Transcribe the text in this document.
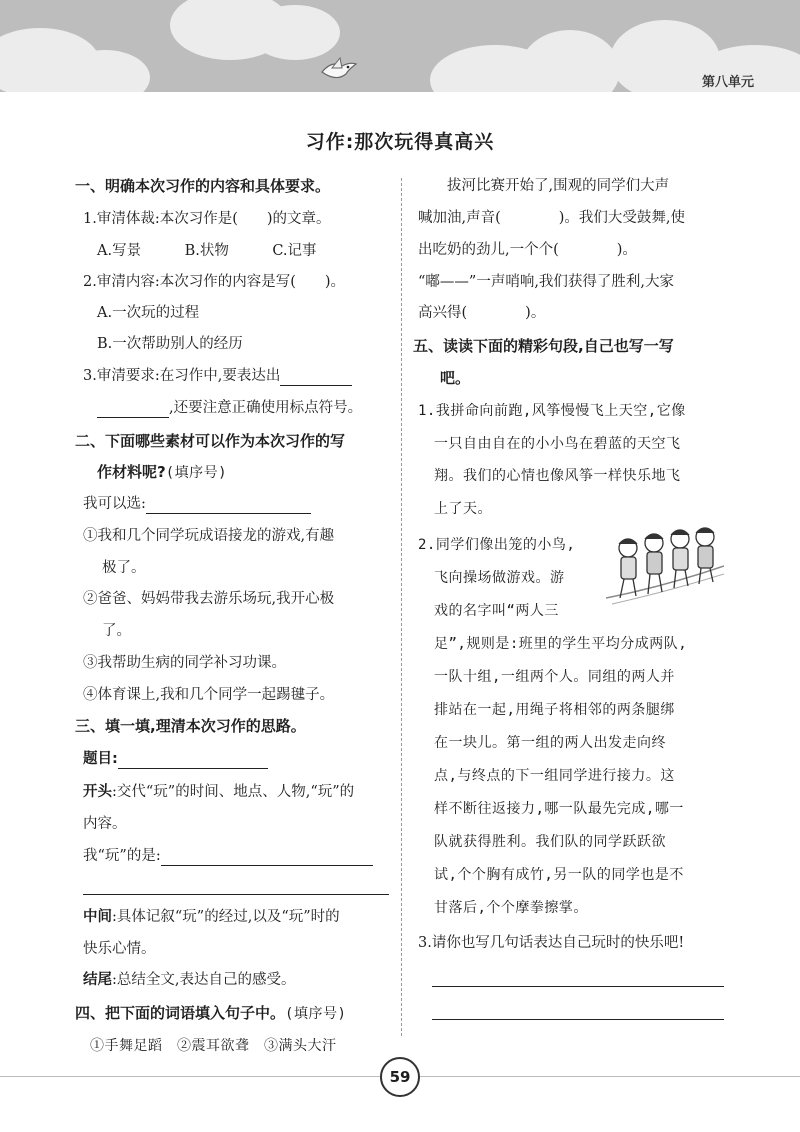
第八单元
习作:那次玩得真高兴
一、明确本次习作的内容和具体要求。
1.审清体裁:本次习作是(　　)的文章。
A.写景　　　B.状物　　　C.记事
2.审清内容:本次习作的内容是写(　　)。
A.一次玩的过程
B.一次帮助别人的经历
3.审清要求:在习作中,要表达出
,还要注意正确使用标点符号。
二、下面哪些素材可以作为本次习作的写
作材料呢?(填序号)
我可以选:
①我和几个同学玩成语接龙的游戏,有趣
极了。
②爸爸、妈妈带我去游乐场玩,我开心极
了。
③我帮助生病的同学补习功课。
④体育课上,我和几个同学一起踢毽子。
三、填一填,理清本次习作的思路。
题目:
开头:交代“玩”的时间、地点、人物,“玩”的
内容。
我“玩”的是:
中间:具体记叙“玩”的经过,以及“玩”时的
快乐心情。
结尾:总结全文,表达自己的感受。
四、把下面的词语填入句子中。(填序号)
①手舞足蹈　②震耳欲聋　③满头大汗
　　拔河比赛开始了,围观的同学们大声
喊加油,声音(　　　　)。我们大受鼓舞,使
出吃奶的劲儿,一个个(　　　　)。
“嘟——”一声哨响,我们获得了胜利,大家
高兴得(　　　　)。
五、读读下面的精彩句段,自己也写一写
吧。
1.我拼命向前跑,风筝慢慢飞上天空,它像
一只自由自在的小小鸟在碧蓝的天空飞
翔。我们的心情也像风筝一样快乐地飞
上了天。
2.同学们像出笼的小鸟,
飞向操场做游戏。游
戏的名字叫“两人三
足”,规则是:班里的学生平均分成两队,
一队十组,一组两个人。同组的两人并
排站在一起,用绳子将相邻的两条腿绑
在一块儿。第一组的两人出发走向终
点,与终点的下一组同学进行接力。这
样不断往返接力,哪一队最先完成,哪一
队就获得胜利。我们队的同学跃跃欲
试,个个胸有成竹,另一队的同学也是不
甘落后,个个摩拳擦掌。
3.请你也写几句话表达自己玩时的快乐吧!
59
